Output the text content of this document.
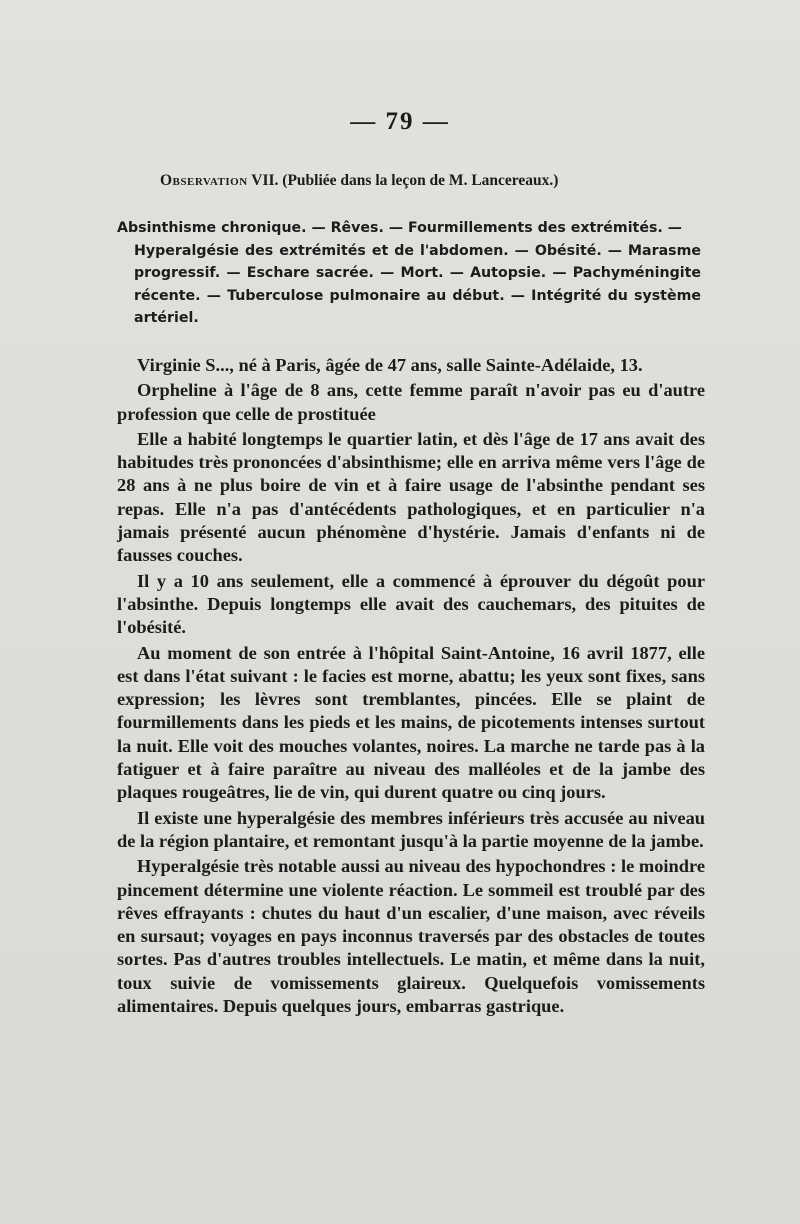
— 79 —
Observation VII. (Publiée dans la leçon de M. Lancereaux.)
Absinthisme chronique. — Rêves. — Fourmillements des extrémités. —
Hyperalgésie des extrémités et de l'abdomen. — Obésité. — Marasme progressif. — Eschare sacrée. — Mort. — Autopsie. — Pachyméningite récente. — Tuberculose pulmonaire au début. — Intégrité du système artériel.

Virginie S..., né à Paris, âgée de 47 ans, salle Sainte-Adélaide, 13.

Orpheline à l'âge de 8 ans, cette femme paraît n'avoir pas eu d'autre profession que celle de prostituée

Elle a habité longtemps le quartier latin, et dès l'âge de 17 ans avait des habitudes très prononcées d'absinthisme; elle en arriva même vers l'âge de 28 ans à ne plus boire de vin et à faire usage de l'absinthe pendant ses repas. Elle n'a pas d'antécédents pathologiques, et en particulier n'a jamais présenté aucun phénomène d'hystérie. Jamais d'enfants ni de fausses couches.

Il y a 10 ans seulement, elle a commencé à éprouver du dégoût pour l'absinthe. Depuis longtemps elle avait des cauchemars, des pituites de l'obésité.

Au moment de son entrée à l'hôpital Saint-Antoine, 16 avril 1877, elle est dans l'état suivant : le facies est morne, abattu; les yeux sont fixes, sans expression; les lèvres sont tremblantes, pincées. Elle se plaint de fourmillements dans les pieds et les mains, de picotements intenses surtout la nuit. Elle voit des mouches volantes, noires. La marche ne tarde pas à la fatiguer et à faire paraître au niveau des malléoles et de la jambe des plaques rougeâtres, lie de vin, qui durent quatre ou cinq jours.

Il existe une hyperalgésie des membres inférieurs très accusée au niveau de la région plantaire, et remontant jusqu'à la partie moyenne de la jambe.

Hyperalgésie très notable aussi au niveau des hypochondres : le moindre pincement détermine une violente réaction. Le sommeil est troublé par des rêves effrayants : chutes du haut d'un escalier, d'une maison, avec réveils en sursaut; voyages en pays inconnus traversés par des obstacles de toutes sortes. Pas d'autres troubles intellectuels. Le matin, et même dans la nuit, toux suivie de vomissements glaireux. Quelquefois vomissements alimentaires. Depuis quelques jours, embarras gastrique.
